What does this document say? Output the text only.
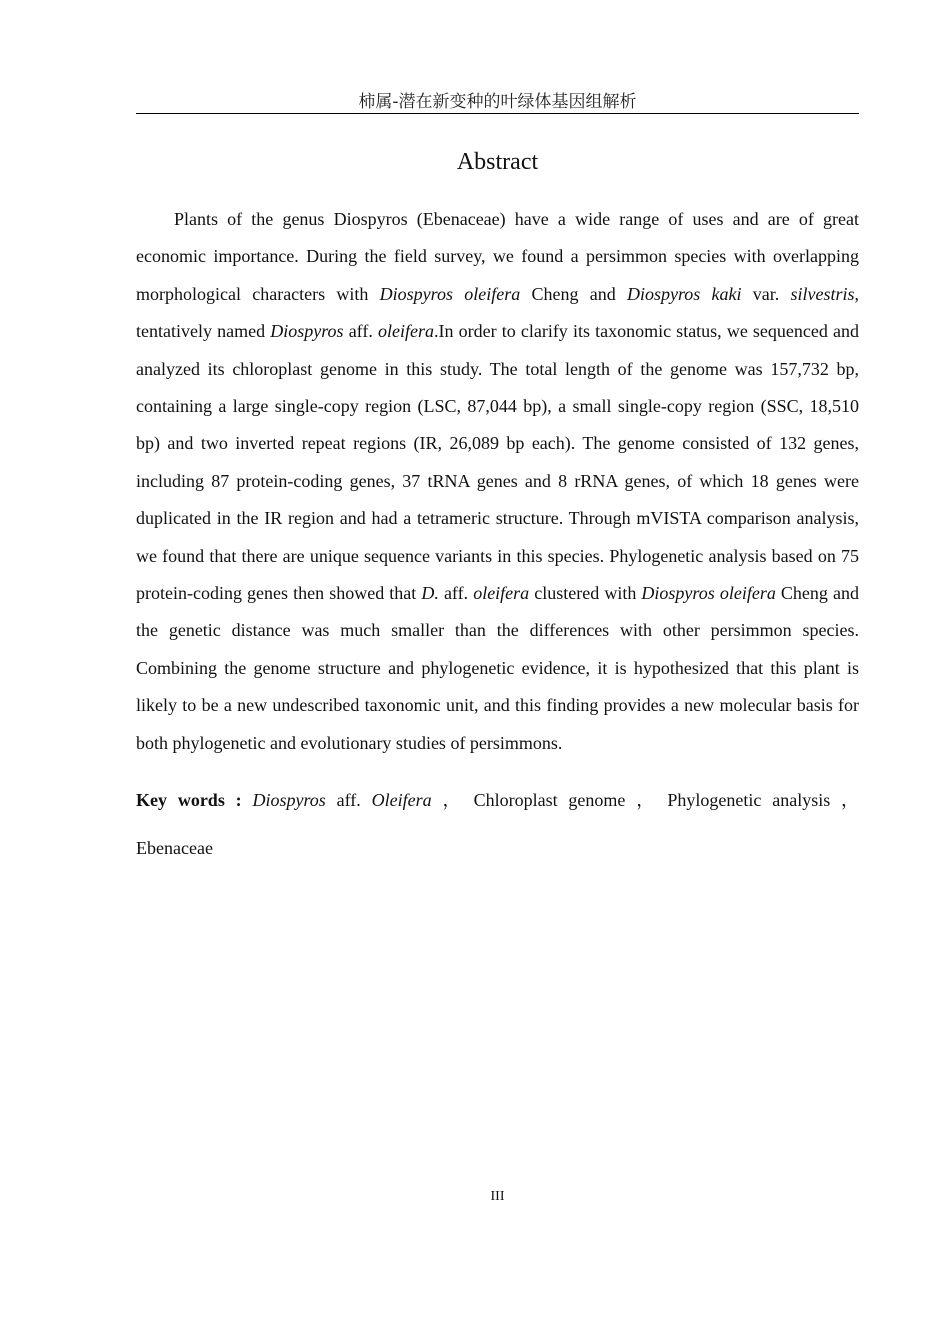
柿属-潜在新变种的叶绿体基因组解析
Abstract

Plants of the genus Diospyros (Ebenaceae) have a wide range of uses and are of great economic importance. During the field survey, we found a persimmon species with overlapping morphological characters with Diospyros oleifera Cheng and Diospyros kaki var. silvestris, tentatively named Diospyros aff. oleifera.In order to clarify its taxonomic status, we sequenced and analyzed its chloroplast genome in this study. The total length of the genome was 157,732 bp, containing a large single-copy region (LSC, 87,044 bp), a small single-copy region (SSC, 18,510 bp) and two inverted repeat regions (IR, 26,089 bp each). The genome consisted of 132 genes, including 87 protein-coding genes, 37 tRNA genes and 8 rRNA genes, of which 18 genes were duplicated in the IR region and had a tetrameric structure. Through mVISTA comparison analysis, we found that there are unique sequence variants in this species. Phylogenetic analysis based on 75 protein-coding genes then showed that D. aff. oleifera clustered with Diospyros oleifera Cheng and the genetic distance was much smaller than the differences with other persimmon species. Combining the genome structure and phylogenetic evidence, it is hypothesized that this plant is likely to be a new undescribed taxonomic unit, and this finding provides a new molecular basis for both phylogenetic and evolutionary studies of persimmons.

Key words : Diospyros aff. Oleifera ， Chloroplast genome ， Phylogenetic analysis ， Ebenaceae

III
